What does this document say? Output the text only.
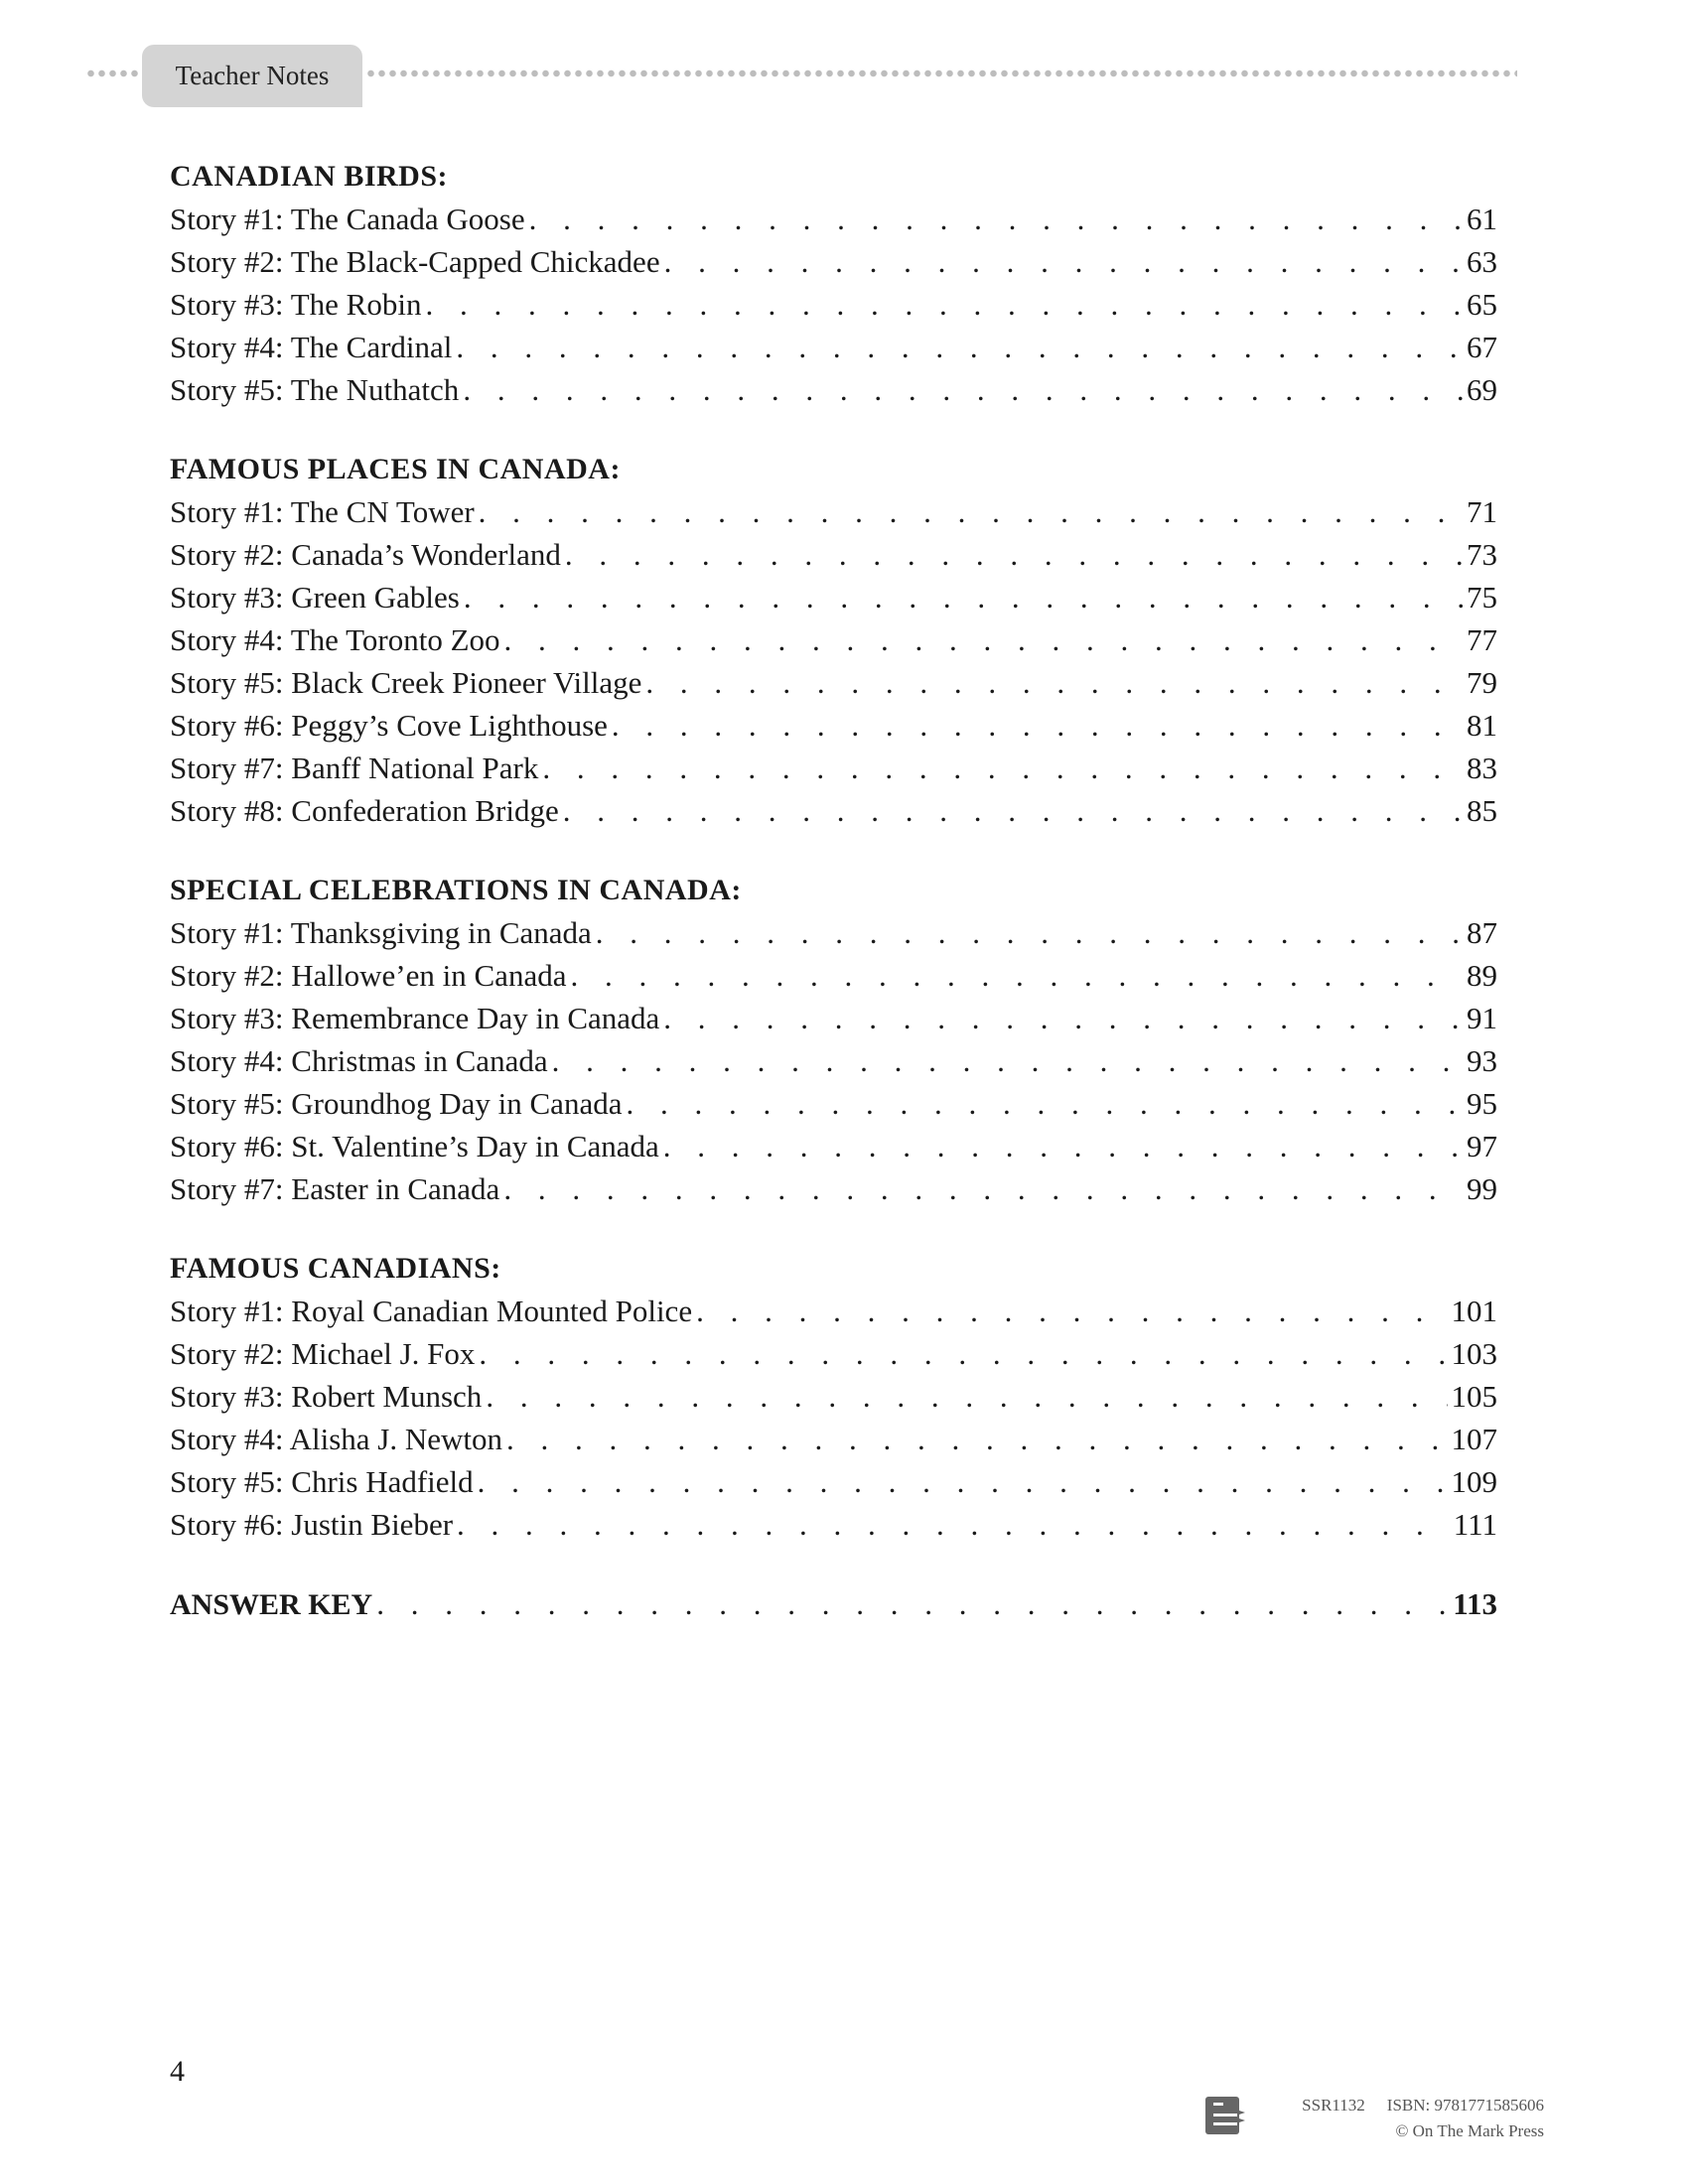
Teacher Notes
CANADIAN BIRDS:
Story #1: The Canada Goose . . .	61
Story #2: The Black-Capped Chickadee . . .	63
Story #3: The Robin . . .	65
Story #4: The Cardinal . . .	67
Story #5: The Nuthatch . . .	69
FAMOUS PLACES IN CANADA:
Story #1: The CN Tower . . .	71
Story #2: Canada’s Wonderland . . .	73
Story #3: Green Gables . . .	75
Story #4: The Toronto Zoo . . .	77
Story #5: Black Creek Pioneer Village . . .	79
Story #6: Peggy’s Cove Lighthouse . . .	81
Story #7: Banff National Park . . .	83
Story #8: Confederation Bridge . . .	85
SPECIAL CELEBRATIONS IN CANADA:
Story #1: Thanksgiving in Canada . . .	87
Story #2: Hallowe’en in Canada . . .	89
Story #3: Remembrance Day in Canada . . .	91
Story #4: Christmas in Canada . . .	93
Story #5: Groundhog Day in Canada . . .	95
Story #6: St. Valentine’s Day in Canada . . .	97
Story #7: Easter in Canada . . .	99
FAMOUS CANADIANS:
Story #1: Royal Canadian Mounted Police . . .	101
Story #2: Michael J. Fox . . .	103
Story #3: Robert Munsch . . .	105
Story #4: Alisha J. Newton . . .	107
Story #5: Chris Hadfield . . .	109
Story #6: Justin Bieber . . .	111
ANSWER KEY . . .	113
4
SSR1132 ISBN: 9781771585606
© On The Mark Press
